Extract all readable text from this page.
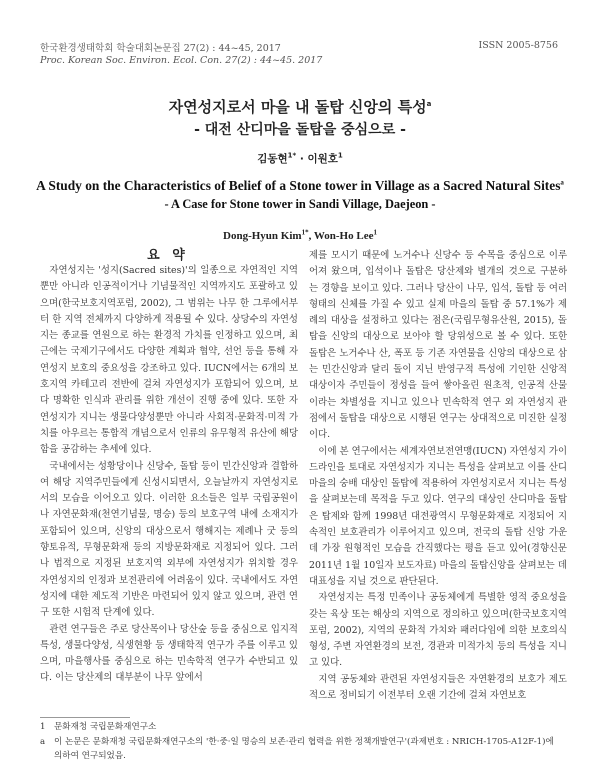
한국환경생태학회 학술대회논문집 27(2) : 44~45, 2017	ISSN 2005-8756
Proc. Korean Soc. Environ. Ecol. Con. 27(2) : 44~45. 2017
자연성지로서 마을 내 돌탑 신앙의 특성$^a$
- 대전 산디마을 돌탑을 중심으로 -
김동현$^{1*}$ · 이원호$^1$
A Study on the Characteristics of Belief of a Stone tower in Village as a Sacred Natural Sites$^a$
- A Case for Stone tower in Sandi Village, Daejeon -
Dong-Hyun Kim$^{1*}$, Won-Ho Lee$^1$
요 약

자연성지는 '성지(Sacred sites)'의 일종으로 자연적인 지역뿐만 아니라 인공적이거나 기념물적인 지역까지도 포괄하고 있으며(한국보호지역포럼, 2002), 그 범위는 나무 한 그루에서부터 한 지역 전체까지 다양하게 적용될 수 있다. 상당수의 자연성지는 종교를 연원으로 하는 환경적 가치를 인정하고 있으며, 최근에는 국제기구에서도 다양한 계획과 협약, 선언 등을 통해 자연성지 보호의 중요성을 강조하고 있다. IUCN에서는 6개의 보호지역 카테고리 전반에 걸쳐 자연성지가 포함되어 있으며, 보다 명확한 인식과 관리를 위한 개선이 진행 중에 있다. 또한 자연성지가 지니는 생물다양성뿐만 아니라 사회적·문화적·미적 가치를 아우르는 통합적 개념으로서 인류의 유무형적 유산에 해당함을 공감하는 추세에 있다.

국내에서는 성황당이나 신당수, 돌탑 등이 민간신앙과 결합하여 해당 지역주민들에게 신성시되면서, 오늘날까지 자연성지로서의 모습을 이어오고 있다. 이러한 요소들은 일부 국립공원이나 자연문화재(천연기념물, 명승) 등의 보호구역 내에 소재지가 포함되어 있으며, 신앙의 대상으로서 행해지는 제례나 굿 등의 향토유적, 무형문화재 등의 지방문화재로 지정되어 있다. 그러나 법적으로 지정된 보호지역 외부에 자연성지가 위치할 경우 자연성지의 인정과 보전관리에 어려움이 있다. 국내에서도 자연성지에 대한 제도적 기반은 마련되어 있지 않고 있으며, 관련 연구 또한 시험적 단계에 있다.

관련 연구들은 주로 당산목이나 당산숲 등을 중심으로 입지적 특성, 생물다양성, 식생현황 등 생태학적 연구가 주를 이루고 있으며, 마을행사를 중심으로 하는 민속학적 연구가 수반되고 있다. 이는 당산제의 대부분이 나무 앞에서

제를 모시기 때문에 노거수나 신당수 등 수목을 중심으로 이루어져 왔으며, 입석이나 돌탑은 당산제와 별개의 것으로 구분하는 경향을 보이고 있다. 그러나 당산이 나무, 입석, 돌탑 등 여러 형태의 신체를 가질 수 있고 실제 마을의 돌탑 중 57.1%가 제례의 대상을 설정하고 있다는 점은(국립무형유산원, 2015), 돌탑을 신앙의 대상으로 보아야 할 당위성으로 볼 수 있다. 또한 돌탑은 노거수나 산, 폭포 등 기존 자연물을 신앙의 대상으로 삼는 민간신앙과 달리 돌이 지닌 반영구적 특성에 기인한 신앙적 대상이자 주민들이 정성을 들여 쌓아올린 원초적, 인공적 산물이라는 차별성을 지니고 있으나 민속학적 연구 외 자연성지 관점에서 돌탑을 대상으로 시행된 연구는 상대적으로 미진한 실정이다.

이에 본 연구에서는 세계자연보전연맹(IUCN) 자연성지 가이드라인을 토대로 자연성지가 지니는 특성을 살펴보고 이를 산디마을의 숭배 대상인 돌탑에 적용하여 자연성지로서 지니는 특성을 살펴보는데 목적을 두고 있다. 연구의 대상인 산디마을 돌탑은 탑제와 함께 1998년 대전광역시 무형문화재로 지정되어 지속적인 보호관리가 이루어지고 있으며, 전국의 돌탑 신앙 가운데 가장 원형적인 모습을 간직했다는 평을 듣고 있어(경향신문 2011년 1월 10일자 보도자료) 마을의 돌탑신앙을 살펴보는 데 대표성을 지닐 것으로 판단된다.

자연성지는 특정 민족이나 공동체에게 특별한 영적 중요성을 갖는 육상 또는 해상의 지역으로 정의하고 있으며(한국보호지역포럼, 2002), 지역의 문화적 가치와 패러다임에 의한 보호의식 형성, 주변 자연환경의 보전, 경관과 미적가치 등의 특성을 지니고 있다.

지역 공동체와 관련된 자연성지들은 자연환경의 보호가 제도적으로 정비되기 이전부터 오랜 기간에 걸쳐 자연보호

1 문화재청 국립문화재연구소
a 이 논문은 문화재청 국립문화재연구소의 '한·중·일 명승의 보존·관리 협력을 위한 정책개발연구'(과제번호 : NRICH-1705-A12F-1)에
의하여 연구되었음.
